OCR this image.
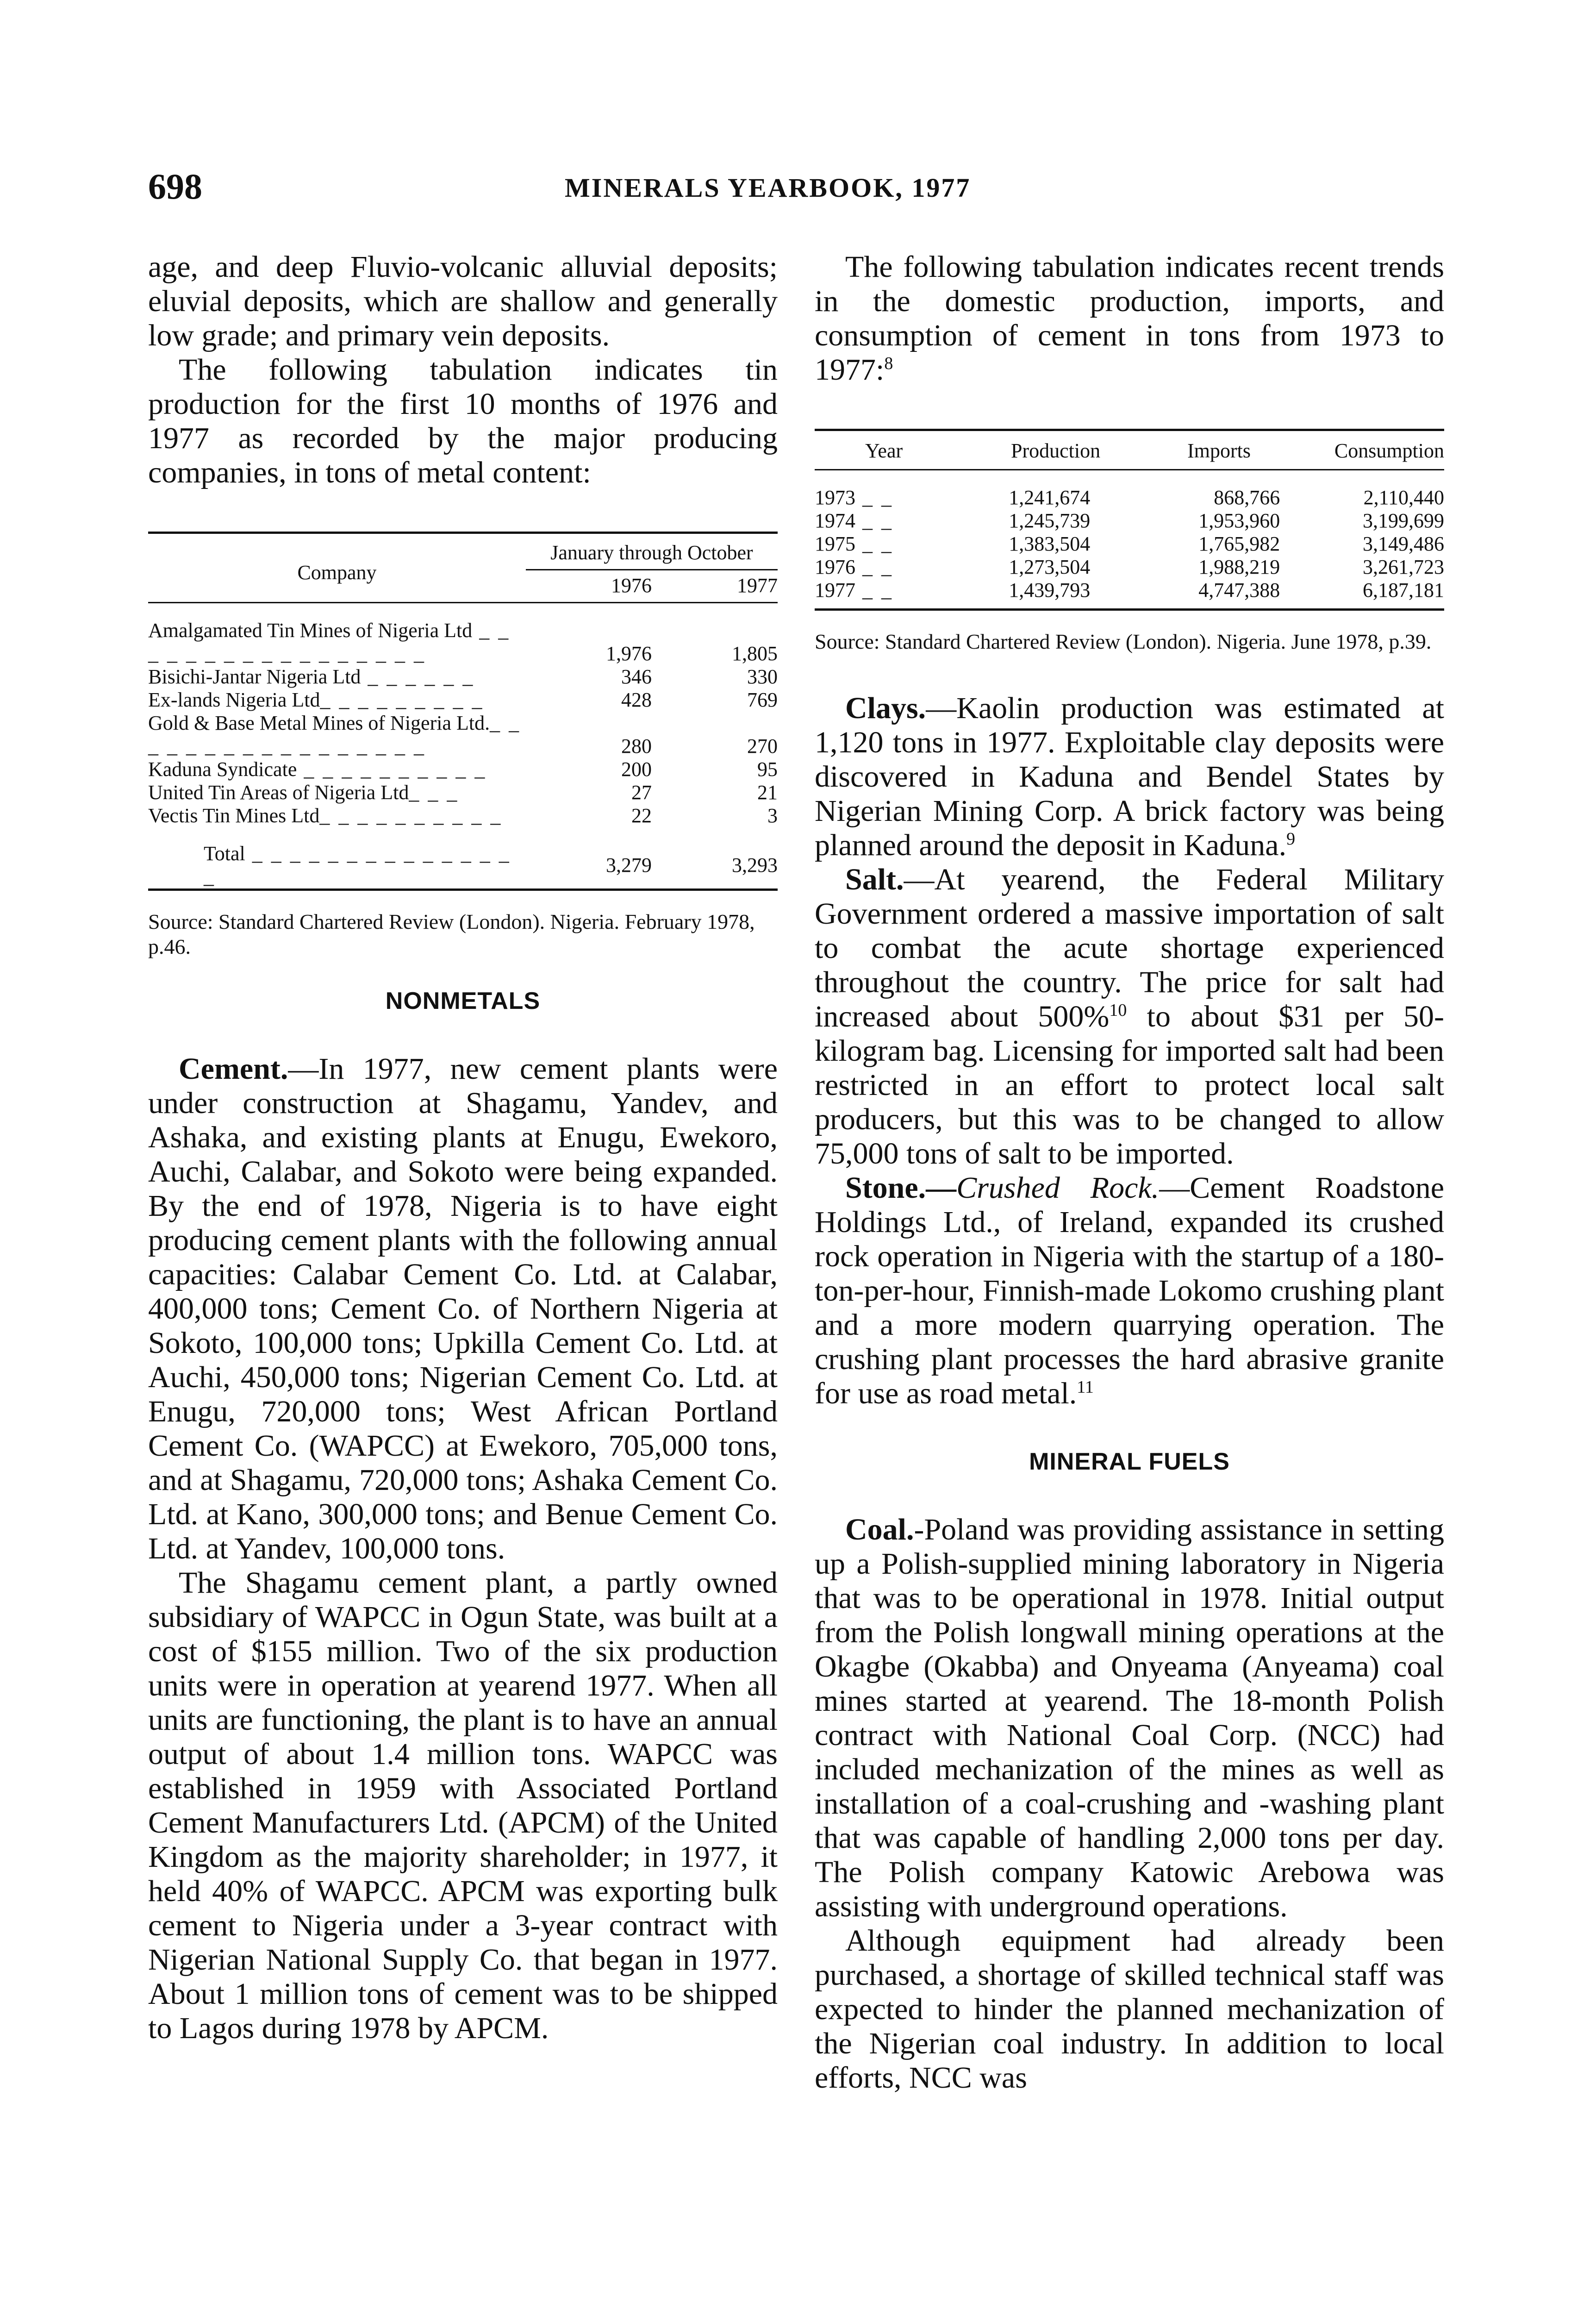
698	MINERALS YEARBOOK, 1977

age, and deep Fluvio-volcanic alluvial deposits; eluvial deposits, which are shallow and generally low grade; and primary vein deposits.

The following tabulation indicates tin production for the first 10 months of 1976 and 1977 as recorded by the major producing companies, in tons of metal content:

Company	January through October	
	1976	1977

Amalgamated Tin Mines of Nigeria Ltd _ _ _ _ _ _ _ _ _ _ _ _ _ _ _ _ _	1,976	1,805
Bisichi-Jantar Nigeria Ltd _ _ _ _ _ _	346	330
Ex-lands Nigeria Ltd_ _ _ _ _ _ _ _ _	428	769
Gold & Base Metal Mines of Nigeria Ltd._ _ _ _ _ _ _ _ _ _ _ _ _ _ _ _ _	280	270
Kaduna Syndicate _ _ _ _ _ _ _ _ _ _	200	95
United Tin Areas of Nigeria Ltd_ _ _	27	21
Vectis Tin Mines Ltd_ _ _ _ _ _ _ _ _ _	22	3

Total _ _ _ _ _ _ _ _ _ _ _ _ _ _ _	3,279	3,293

Source: Standard Chartered Review (London). Nigeria. February 1978, p.46.
NONMETALS

Cement.—In 1977, new cement plants were under construction at Shagamu, Yandev, and Ashaka, and existing plants at Enugu, Ewekoro, Auchi, Calabar, and Sokoto were being expanded. By the end of 1978, Nigeria is to have eight producing cement plants with the following annual capacities: Calabar Cement Co. Ltd. at Calabar, 400,000 tons; Cement Co. of Northern Nigeria at Sokoto, 100,000 tons; Upkilla Cement Co. Ltd. at Auchi, 450,000 tons; Nigerian Cement Co. Ltd. at Enugu, 720,000 tons; West African Portland Cement Co. (WAPCC) at Ewekoro, 705,000 tons, and at Shagamu, 720,000 tons; Ashaka Cement Co. Ltd. at Kano, 300,000 tons; and Benue Cement Co. Ltd. at Yandev, 100,000 tons.

The Shagamu cement plant, a partly owned subsidiary of WAPCC in Ogun State, was built at a cost of $155 million. Two of the six production units were in operation at yearend 1977. When all units are functioning, the plant is to have an annual output of about 1.4 million tons. WAPCC was established in 1959 with Associated Portland Cement Manufacturers Ltd. (APCM) of the United Kingdom as the majority shareholder; in 1977, it held 40% of WAPCC. APCM was exporting bulk cement to Nigeria under a 3-year contract with Nigerian National Supply Co. that began in 1977. About 1 million tons of cement was to be shipped to Lagos during 1978 by APCM.

The following tabulation indicates recent trends in the domestic production, imports, and consumption of cement in tons from 1973 to 1977:$^8$

Year	Production	Imports	Consumption

1973 _ _	1,241,674	868,766	2,110,440
1974 _ _	1,245,739	1,953,960	3,199,699
1975 _ _	1,383,504	1,765,982	3,149,486
1976 _ _	1,273,504	1,988,219	3,261,723
1977 _ _	1,439,793	4,747,388	6,187,181

Source: Standard Chartered Review (London). Nigeria. June 1978, p.39.

Clays.—Kaolin production was estimated at 1,120 tons in 1977. Exploitable clay deposits were discovered in Kaduna and Bendel States by Nigerian Mining Corp. A brick factory was being planned around the deposit in Kaduna.$^9$

Salt.—At yearend, the Federal Military Government ordered a massive importation of salt to combat the acute shortage experienced throughout the country. The price for salt had increased about 500%$^{10}$ to about $31 per 50-kilogram bag. Licensing for imported salt had been restricted in an effort to protect local salt producers, but this was to be changed to allow 75,000 tons of salt to be imported.

Stone.—Crushed Rock.—Cement Roadstone Holdings Ltd., of Ireland, expanded its crushed rock operation in Nigeria with the startup of a 180-ton-per-hour, Finnish-made Lokomo crushing plant and a more modern quarrying operation. The crushing plant processes the hard abrasive granite for use as road metal.$^{11}$

MINERAL FUELS

Coal.-Poland was providing assistance in setting up a Polish-supplied mining laboratory in Nigeria that was to be operational in 1978. Initial output from the Polish longwall mining operations at the Okagbe (Okabba) and Onyeama (Anyeama) coal mines started at yearend. The 18-month Polish contract with National Coal Corp. (NCC) had included mechanization of the mines as well as installation of a coal-crushing and -washing plant that was capable of handling 2,000 tons per day. The Polish company Katowic Arebowa was assisting with underground operations.

Although equipment had already been purchased, a shortage of skilled technical staff was expected to hinder the planned mechanization of the Nigerian coal industry. In addition to local efforts, NCC was
